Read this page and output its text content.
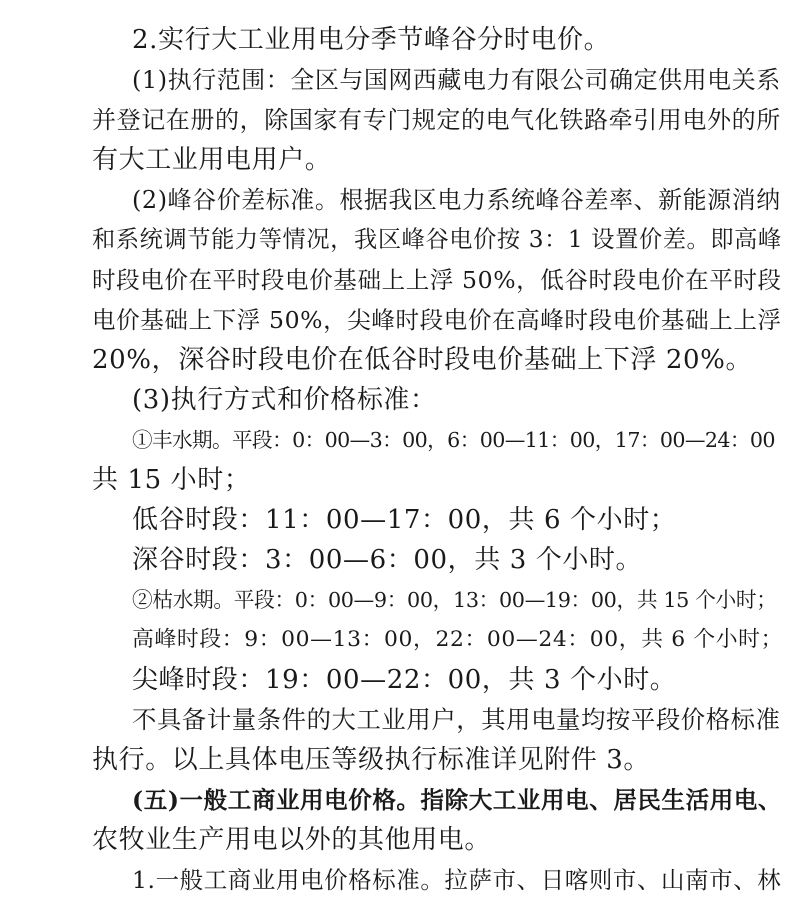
2.实行大工业用电分季节峰谷分时电价。
(1)执行范围：全区与国网西藏电力有限公司确定供用电关系
并登记在册的，除国家有专门规定的电气化铁路牵引用电外的所
有大工业用电用户。
(2)峰谷价差标准。根据我区电力系统峰谷差率、新能源消纳
和系统调节能力等情况，我区峰谷电价按 3：1 设置价差。即高峰
时段电价在平时段电价基础上上浮 50%，低谷时段电价在平时段
电价基础上下浮 50%，尖峰时段电价在高峰时段电价基础上上浮
20%，深谷时段电价在低谷时段电价基础上下浮 20%。
(3)执行方式和价格标准：
①丰水期。平段：0：00—3：00，6：00—11：00，17：00—24：00
共 15 小时；
低谷时段：11：00—17：00，共 6 个小时；
深谷时段：3：00—6：00，共 3 个小时。
②枯水期。平段：0：00—9：00，13：00—19：00，共 15 个小时；
高峰时段：9：00—13：00，22：00—24：00，共 6 个小时；
尖峰时段：19：00—22：00，共 3 个小时。
不具备计量条件的大工业用户，其用电量均按平段价格标准
执行。以上具体电压等级执行标准详见附件 3。
(五)一般工商业用电价格。指除大工业用电、居民生活用电、
农牧业生产用电以外的其他用电。
1.一般工商业用电价格标准。拉萨市、日喀则市、山南市、林
